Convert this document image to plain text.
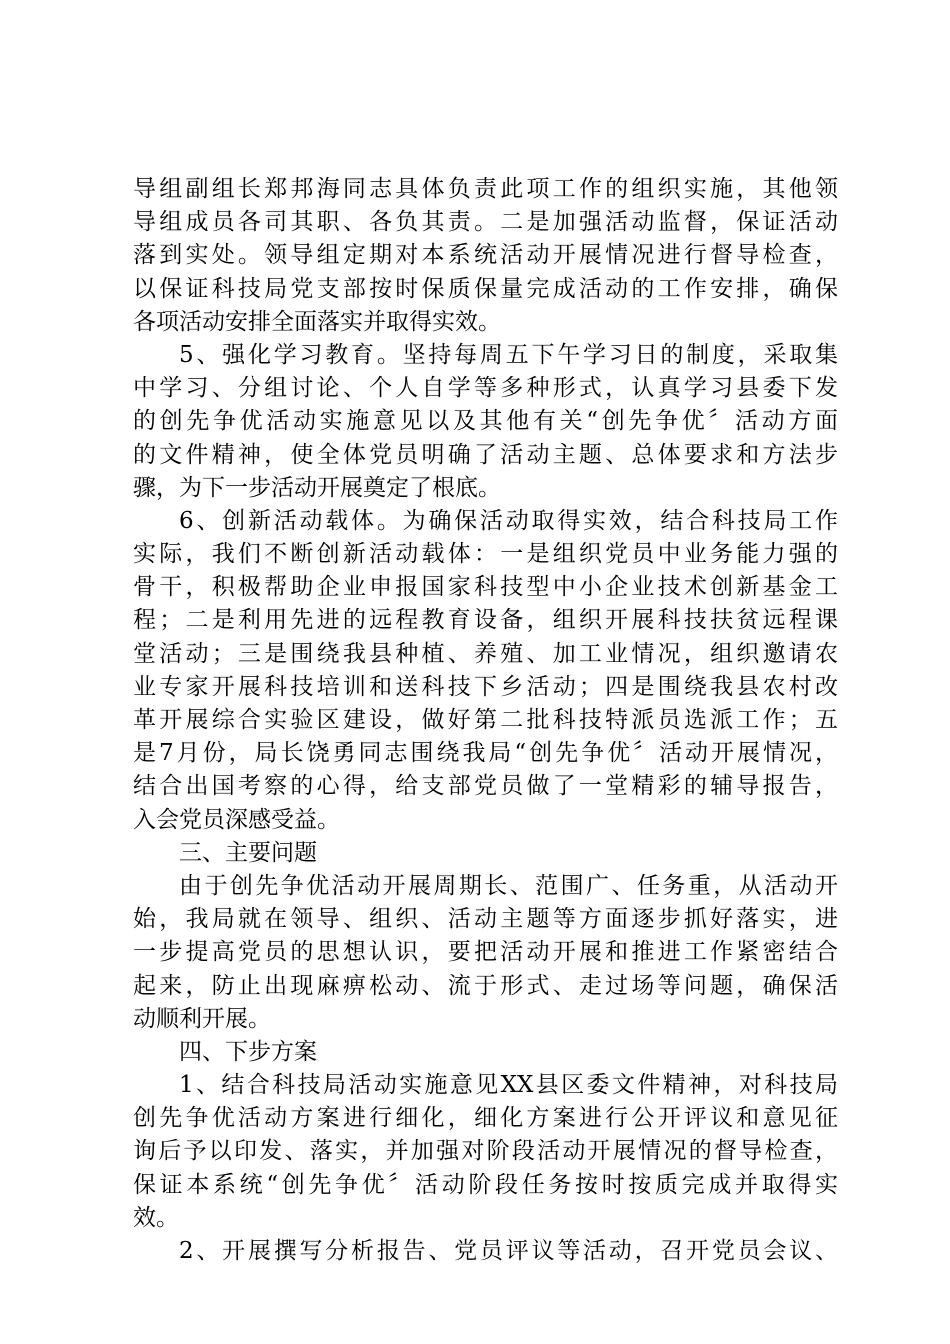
导组副组长郑邦海同志具体负责此项工作的组织实施，其他领
导组成员各司其职、各负其责。二是加强活动监督，保证活动
落到实处。领导组定期对本系统活动开展情况进行督导检查，
以保证科技局党支部按时保质保量完成活动的工作安排，确保
各项活动安排全面落实并取得实效。
5、强化学习教育。坚持每周五下午学习日的制度，采取集
中学习、分组讨论、个人自学等多种形式，认真学习县委下发
的创先争优活动实施意见以及其他有关“创先争优〞活动方面
的文件精神，使全体党员明确了活动主题、总体要求和方法步
骤，为下一步活动开展奠定了根底。
6、创新活动载体。为确保活动取得实效，结合科技局工作
实际，我们不断创新活动载体：一是组织党员中业务能力强的
骨干，积极帮助企业申报国家科技型中小企业技术创新基金工
程；二是利用先进的远程教育设备，组织开展科技扶贫远程课
堂活动；三是围绕我县种植、养殖、加工业情况，组织邀请农
业专家开展科技培训和送科技下乡活动；四是围绕我县农村改
革开展综合实验区建设，做好第二批科技特派员选派工作；五
是7月份，局长饶勇同志围绕我局“创先争优〞活动开展情况，
结合出国考察的心得，给支部党员做了一堂精彩的辅导报告，
入会党员深感受益。
三、主要问题
由于创先争优活动开展周期长、范围广、任务重，从活动开
始，我局就在领导、组织、活动主题等方面逐步抓好落实，进
一步提高党员的思想认识，要把活动开展和推进工作紧密结合
起来，防止出现麻痹松动、流于形式、走过场等问题，确保活
动顺利开展。
四、下步方案
1、结合科技局活动实施意见XX县区委文件精神，对科技局
创先争优活动方案进行细化，细化方案进行公开评议和意见征
询后予以印发、落实，并加强对阶段活动开展情况的督导检查，
保证本系统“创先争优〞活动阶段任务按时按质完成并取得实
效。
2、开展撰写分析报告、党员评议等活动，召开党员会议、
